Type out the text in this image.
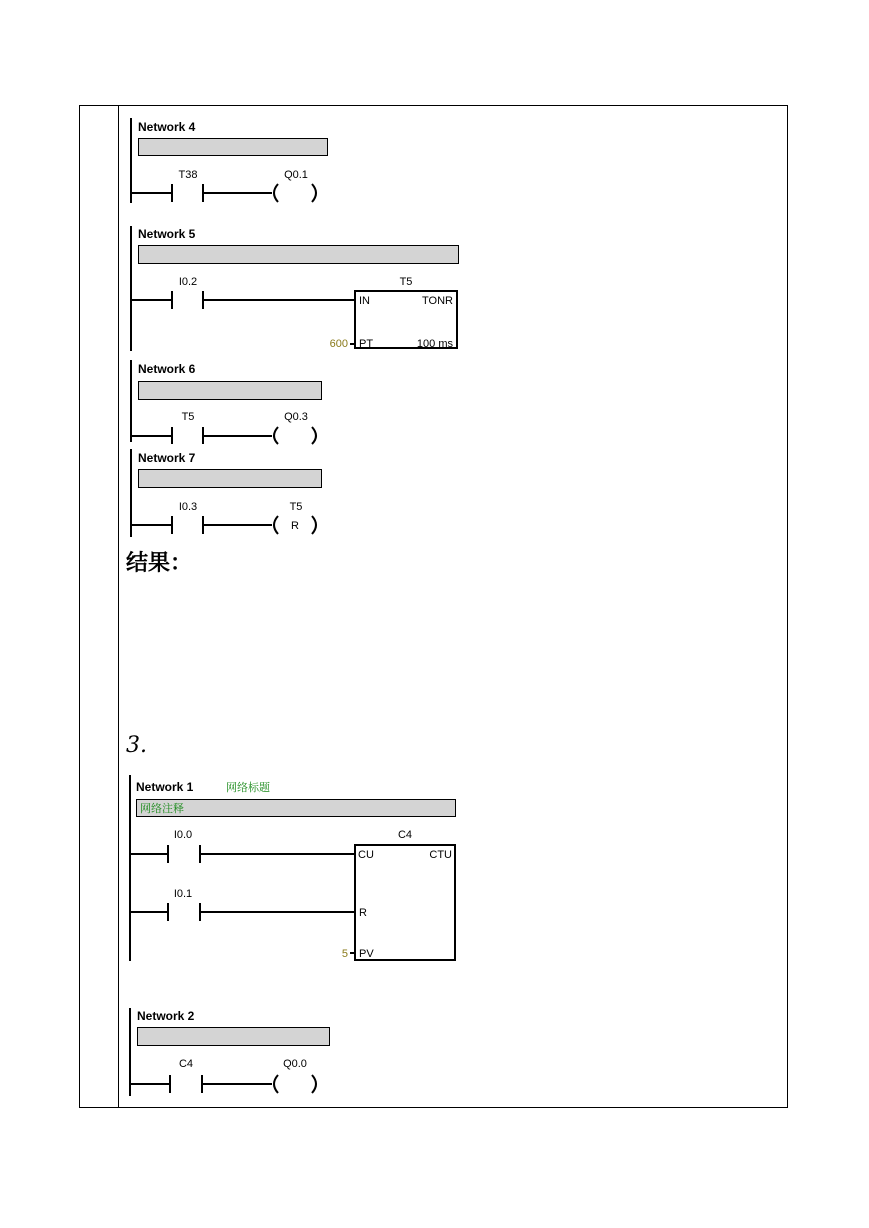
Network 4
T38	Q0.1
Network 5
I0.2	T5
IN	TONR
PT	100 ms
600
Network 6
T5	Q0.3
Network 7
I0.3	T5
R
结果：
3.
Network 1	网络标题
网络注释
I0.0
I0.1
C4
CU	CTU
R
PV
5
Network 2
C4	Q0.0
